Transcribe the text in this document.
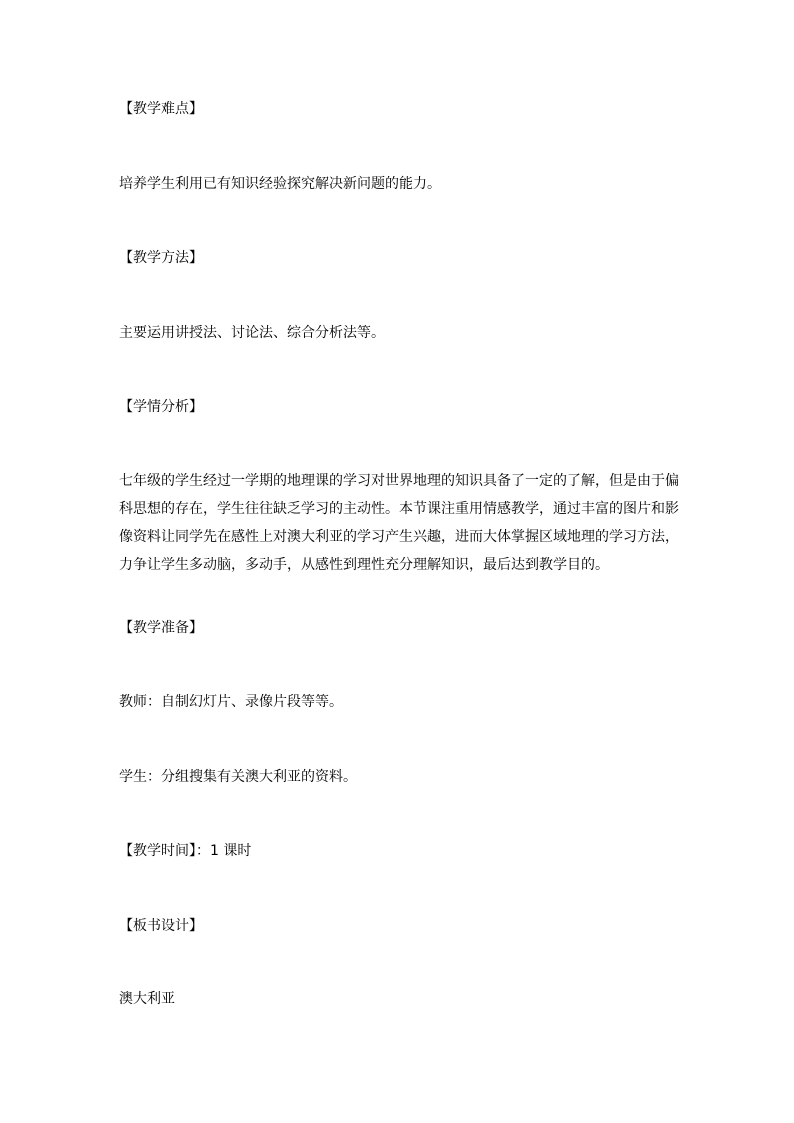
【教学难点】
培养学生利用已有知识经验探究解决新问题的能力。
【教学方法】
主要运用讲授法、讨论法、综合分析法等。
【学情分析】
七年级的学生经过一学期的地理课的学习对世界地理的知识具备了一定的了解，但是由于偏
科思想的存在，学生往往缺乏学习的主动性。本节课注重用情感教学，通过丰富的图片和影
像资料让同学先在感性上对澳大利亚的学习产生兴趣，进而大体掌握区域地理的学习方法，
力争让学生多动脑，多动手，从感性到理性充分理解知识，最后达到教学目的。
【教学准备】
教师：自制幻灯片、录像片段等等。
学生：分组搜集有关澳大利亚的资料。
【教学时间】：1 课时
【板书设计】
澳大利亚
